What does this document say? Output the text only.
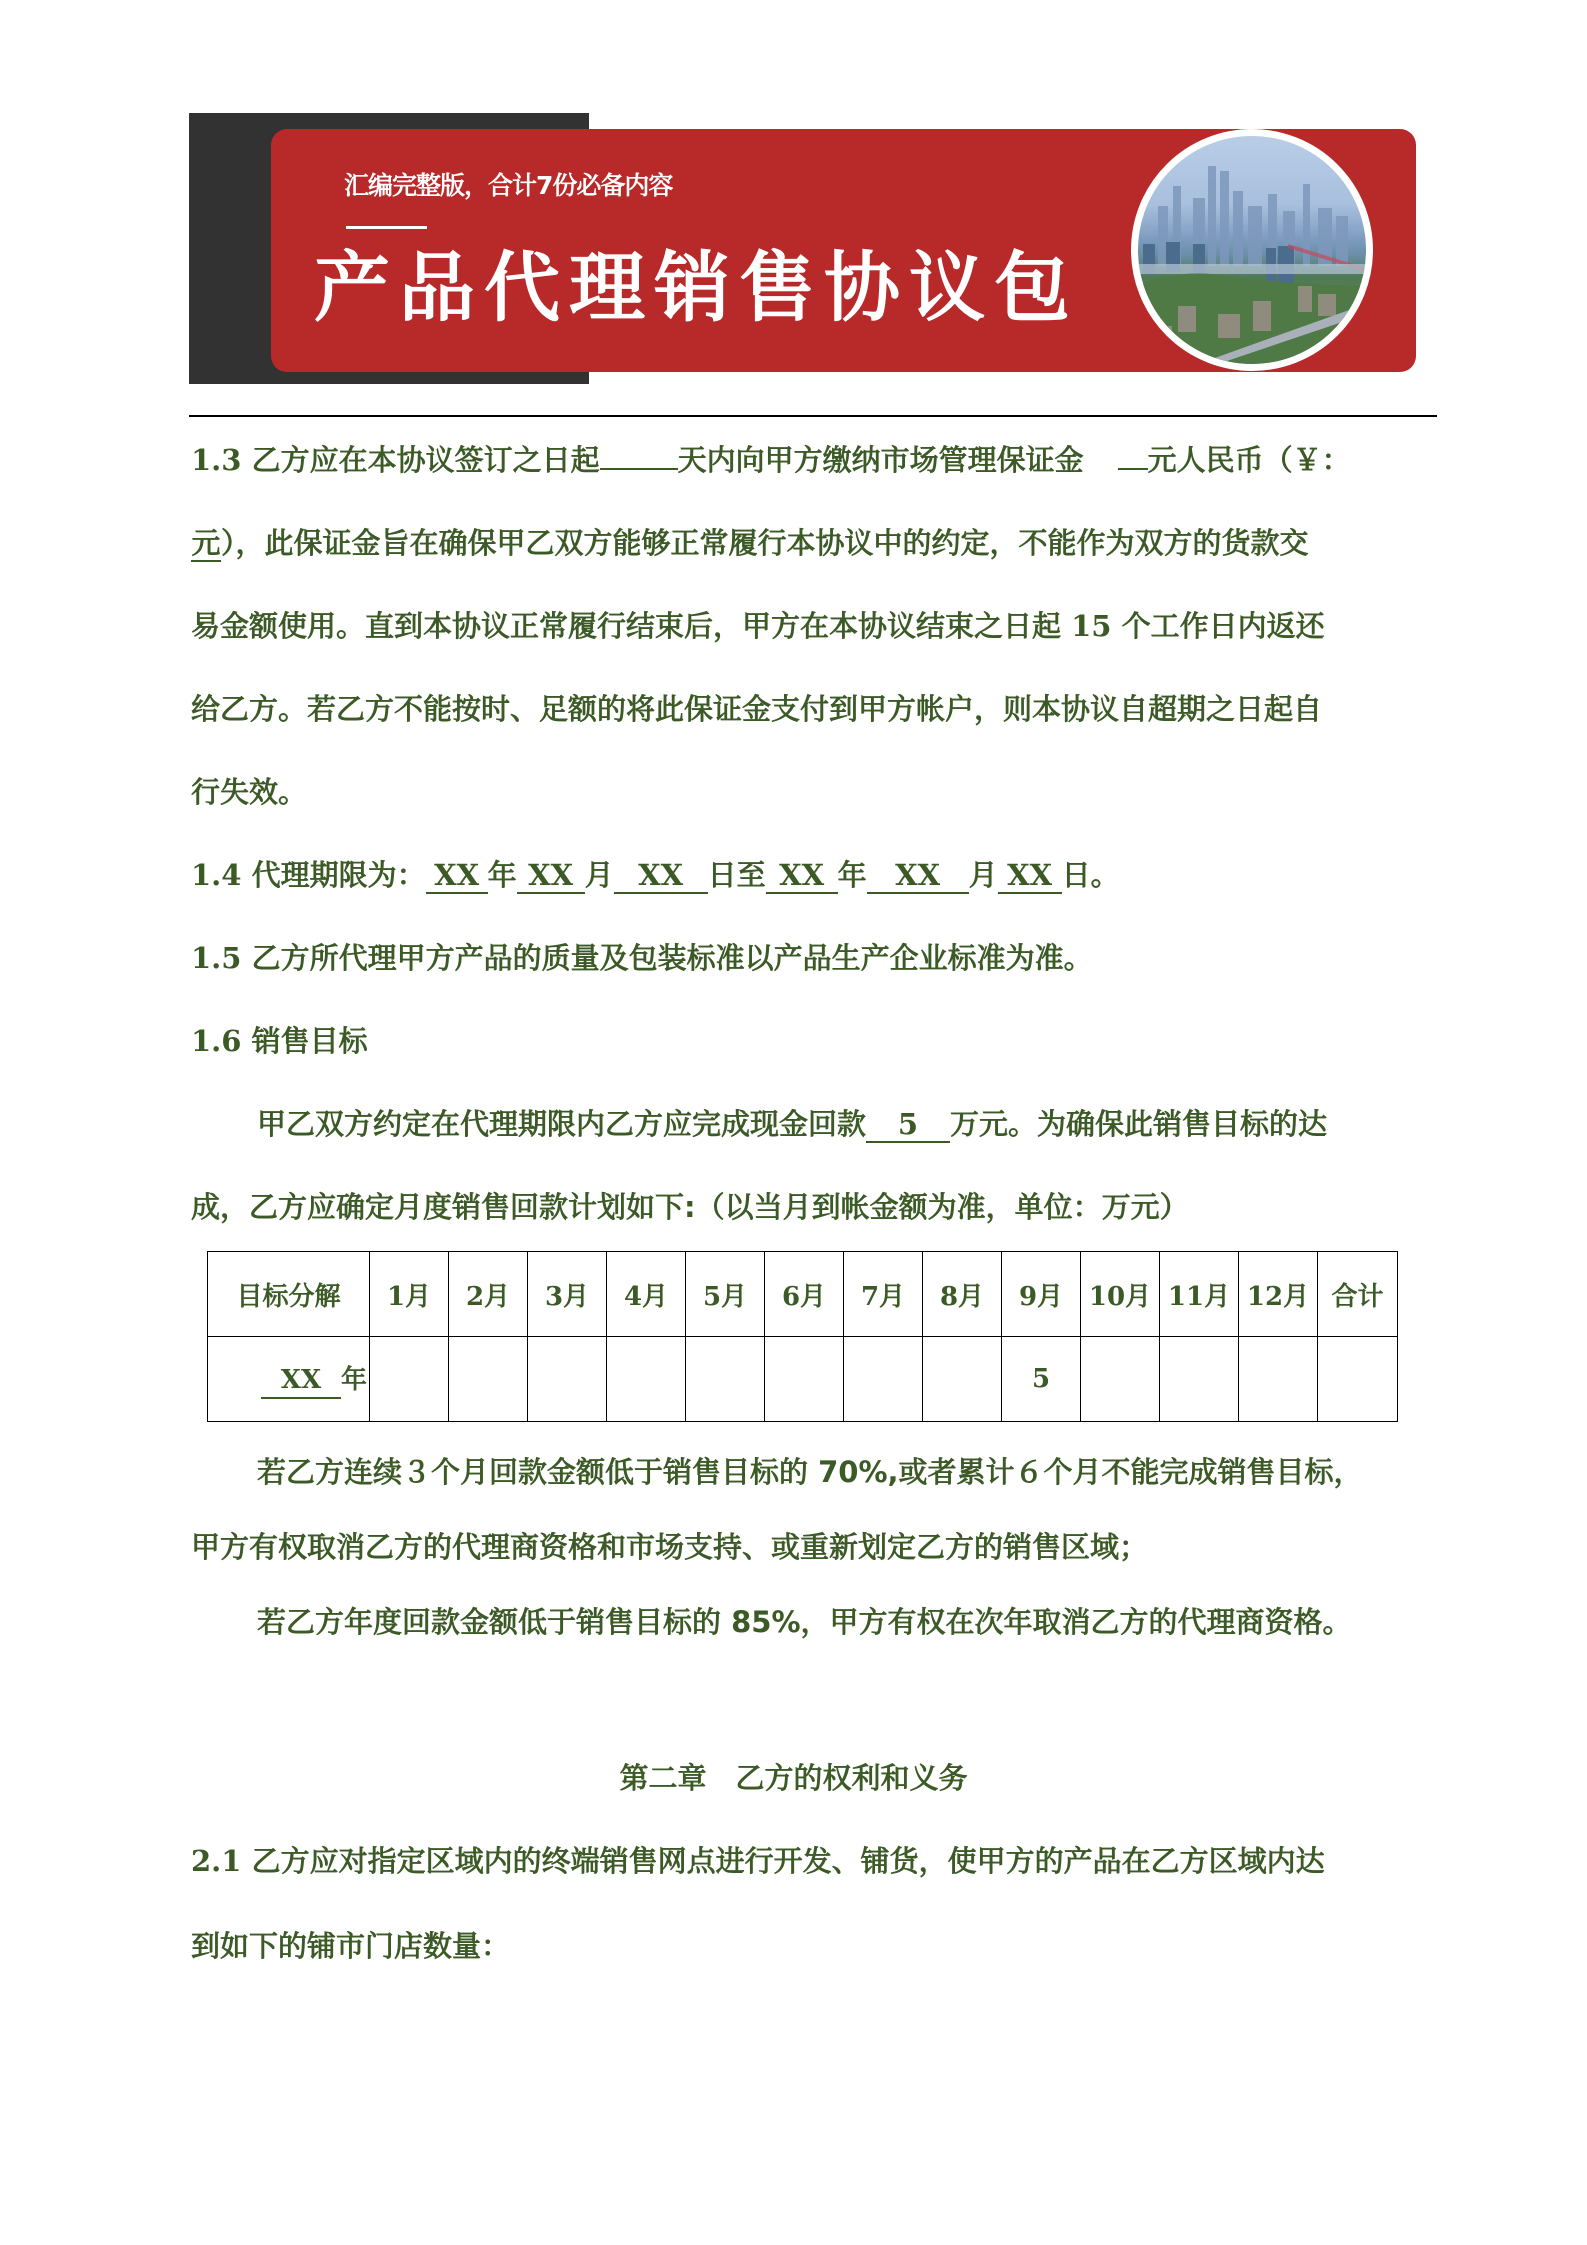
汇编完整版，合计7份必备内容
产品代理销售协议包
1.3 乙方应在本协议签订之日起	天内向甲方缴纳市场管理保证金 元人民币（￥：
元），此保证金旨在确保甲乙双方能够正常履行本协议中的约定，不能作为双方的货款交
易金额使用。直到本协议正常履行结束后，甲方在本协议结束之日起 15 个工作日内返还
给乙方。若乙方不能按时、足额的将此保证金支付到甲方帐户，则本协议自超期之日起自
行失效。
1.4 代理期限为： XX 年 XX 月 XX 日至 XX 年 XX 月 XX 日。
1.5 乙方所代理甲方产品的质量及包装标准以产品生产企业标准为准。
1.6 销售目标
甲乙双方约定在代理期限内乙方应完成现金回款 5 万元。为确保此销售目标的达
成，乙方应确定月度销售回款计划如下:（以当月到帐金额为准，单位：万元）
目标分解	1月	2月	3月	4月	5月	6月	7月	8月	9月	10月	11月	12月	合计
XX 年									5				
若乙方连续３个月回款金额低于销售目标的 70%,或者累计６个月不能完成销售目标，
甲方有权取消乙方的代理商资格和市场支持、或重新划定乙方的销售区域；
若乙方年度回款金额低于销售目标的 85%，甲方有权在次年取消乙方的代理商资格。
第二章　乙方的权利和义务
2.1 乙方应对指定区域内的终端销售网点进行开发、铺货，使甲方的产品在乙方区域内达
到如下的铺市门店数量：
